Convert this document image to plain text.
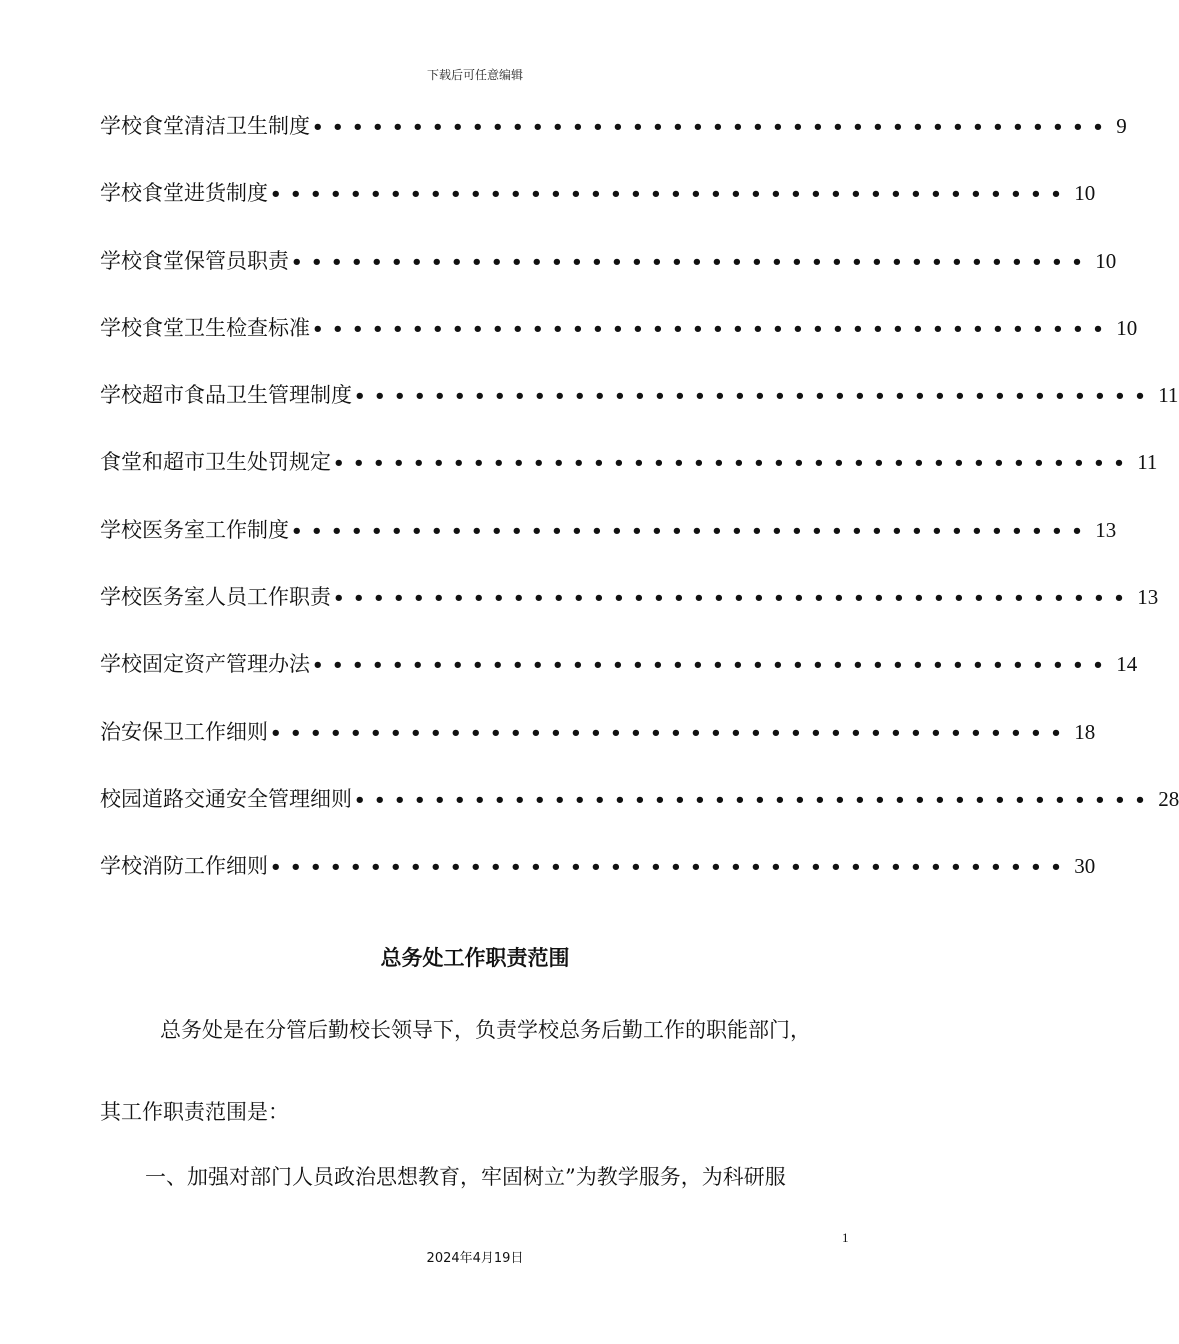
下载后可任意编辑
学校食堂清洁卫生制度 •••••••••••••••••••••••••••••••••••••••• 9
学校食堂进货制度 •••••••••••••••••••••••••••••••••••••••• 10
学校食堂保管员职责 •••••••••••••••••••••••••••••••••••••••• 10
学校食堂卫生检查标准 •••••••••••••••••••••••••••••••••••••••• 10
学校超市食品卫生管理制度 •••••••••••••••••••••••••••••••••••••••• 11
食堂和超市卫生处罚规定 •••••••••••••••••••••••••••••••••••••••• 11
学校医务室工作制度 •••••••••••••••••••••••••••••••••••••••• 13
学校医务室人员工作职责 •••••••••••••••••••••••••••••••••••••••• 13
学校固定资产管理办法 •••••••••••••••••••••••••••••••••••••••• 14
治安保卫工作细则 •••••••••••••••••••••••••••••••••••••••• 18
校园道路交通安全管理细则 •••••••••••••••••••••••••••••••••••••••• 28
学校消防工作细则 •••••••••••••••••••••••••••••••••••••••• 30
总务处工作职责范围
总务处是在分管后勤校长领导下，负责学校总务后勤工作的职能部门，
其工作职责范围是：
一、加强对部门人员政治思想教育，牢固树立”为教学服务，为科研服
1
2024年4月19日
